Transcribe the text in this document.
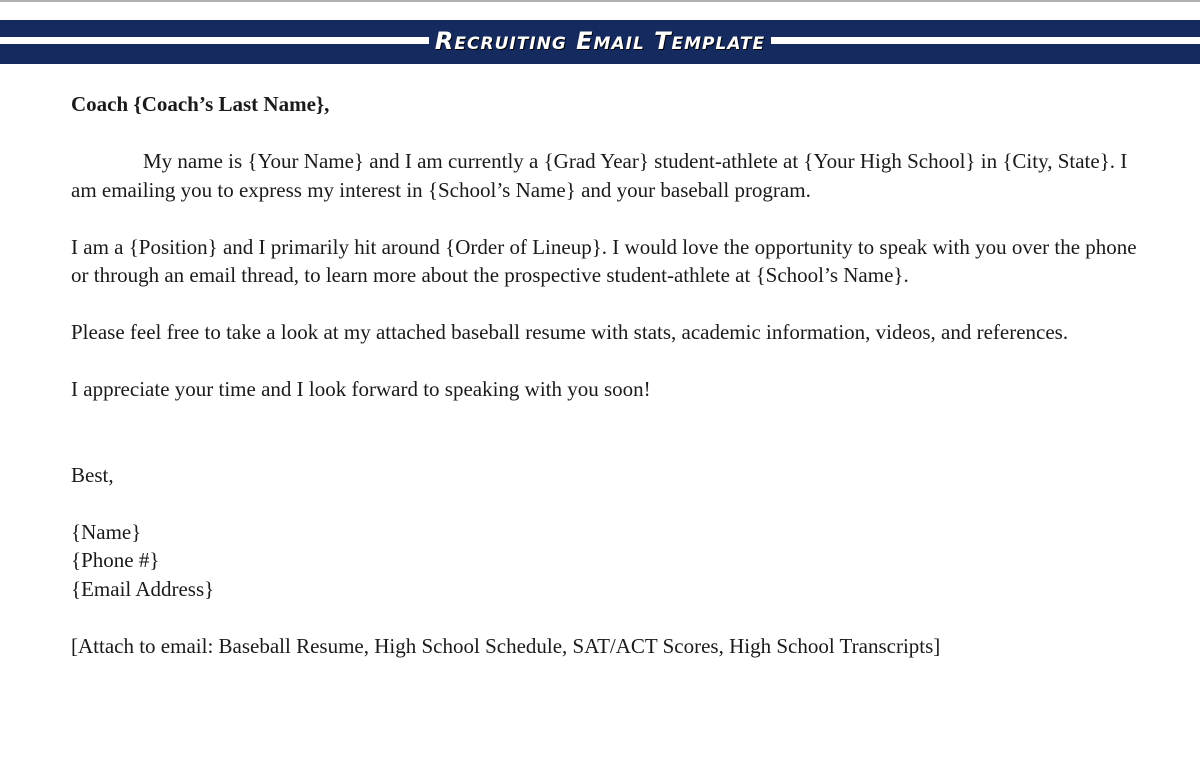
Recruiting Email Template

Coach {Coach’s Last Name},

My name is {Your Name} and I am currently a {Grad Year} student-athlete at {Your High School} in {City, State}. I am emailing you to express my interest in {School’s Name} and your baseball program.

I am a {Position} and I primarily hit around {Order of Lineup}. I would love the opportunity to speak with you over the phone or through an email thread, to learn more about the prospective student-athlete at {School’s Name}.

Please feel free to take a look at my attached baseball resume with stats, academic information, videos, and references.

I appreciate your time and I look forward to speaking with you soon!

Best,

{Name}
{Phone #}
{Email Address}

[Attach to email: Baseball Resume, High School Schedule, SAT/ACT Scores, High School Transcripts]
